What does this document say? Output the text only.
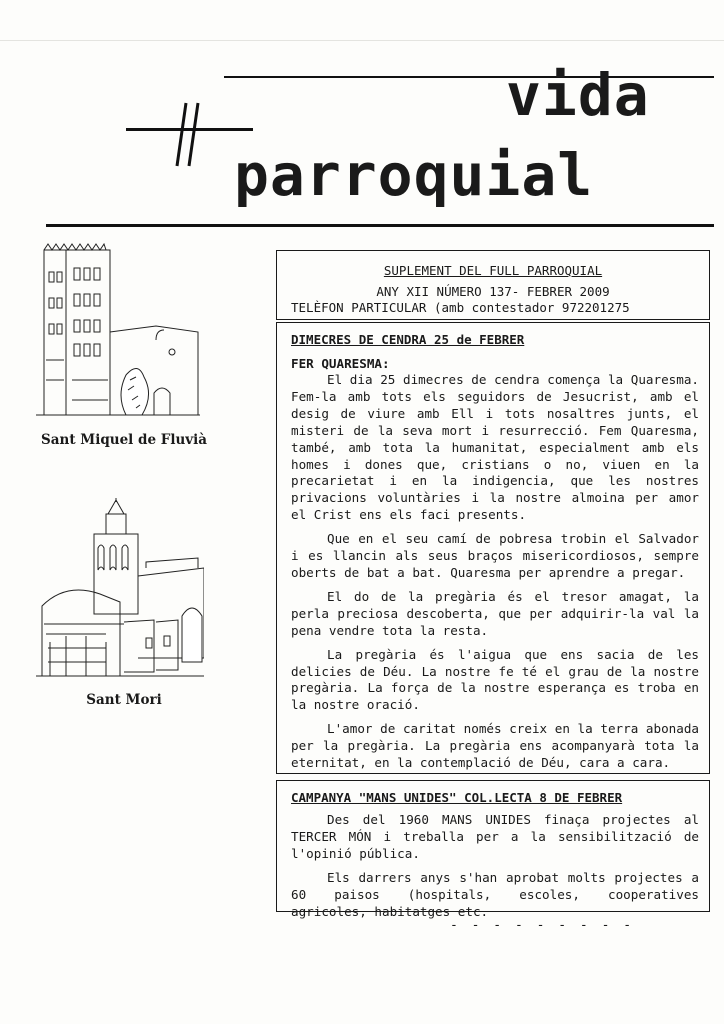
vida
parroquial
Sant Miquel de Fluvià
Sant Mori
SUPLEMENT DEL FULL PARROQUIAL
ANY XII NÚMERO 137- FEBRER 2009
TELÈFON PARTICULAR (amb contestador 972201275
DIMECRES DE CENDRA 25 de FEBRER
FER QUARESMA:

El dia 25 dimecres de cendra comença la Quaresma. Fem-la amb tots els seguidors de Jesucrist, amb el desig de viure amb Ell i tots nosaltres junts, el misteri de la seva mort i resurrecció. Fem Quaresma, també, amb tota la humanitat, especialment amb els homes i dones que, cristians o no, viuen en la precarietat i en la indigencia, que les nostres privacions voluntàries i la nostre almoina per amor el Crist ens els faci presents.

Que en el seu camí de pobresa trobin el Salvador i es llancin als seus braços misericordiosos, sempre oberts de bat a bat. Quaresma per aprendre a pregar.

El do de la pregària és el tresor amagat, la perla preciosa descoberta, que per adquirir-la val la pena vendre tota la resta.

La pregària és l'aigua que ens sacia de les delicies de Déu. La nostre fe té el grau de la nostre pregària. La força de la nostre esperança es troba en la nostre oració.

L'amor de caritat només creix en la terra abonada per la pregària. La pregària ens acompanyarà tota la eternitat, en la contemplació de Déu, cara a cara.

CAMPANYA "MANS UNIDES" COL.LECTA 8 DE FEBRER

Des del 1960 MANS UNIDES finaça projectes al TERCER MÓN i treballa per a la sensibilització de l'opinió pública.

Els darrers anys s'han aprobat molts projectes a 60 paisos (hospitals, escoles, cooperatives agricoles, habitatges etc.

- - - - - - - - -
